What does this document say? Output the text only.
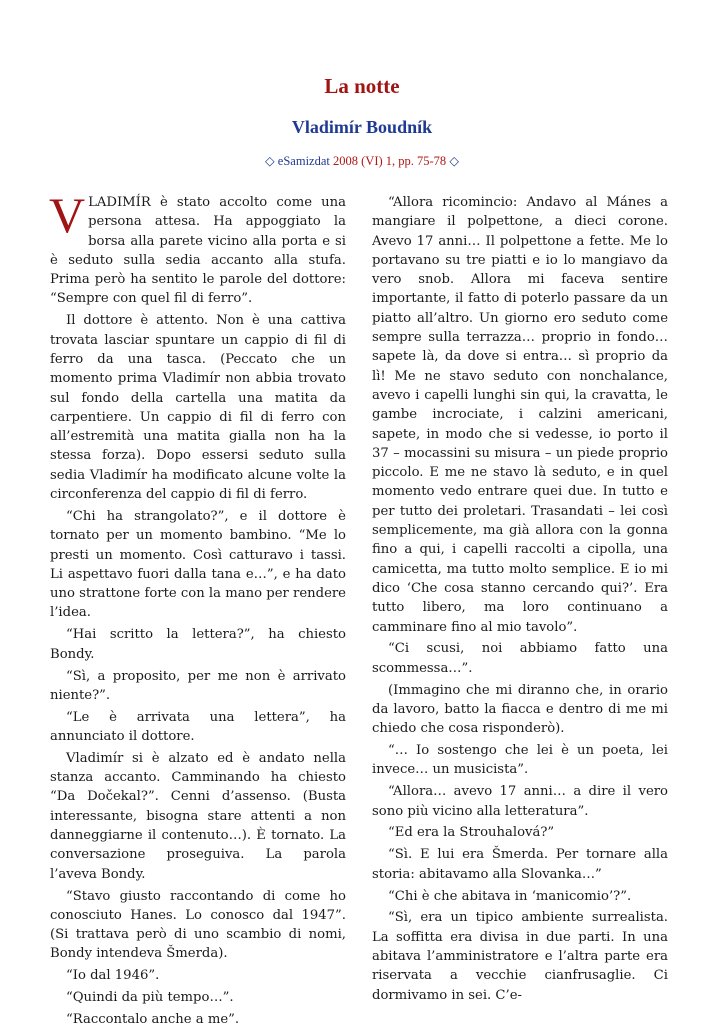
La notte
Vladimír Boudník
◇ eSamizdat 2008 (VI) 1, pp. 75-78 ◇

VLADIMÍR è stato accolto come una persona attesa. Ha appoggiato la borsa alla parete vicino alla porta e si è seduto sulla sedia accanto alla stufa. Prima però ha sentito le parole del dottore: “Sempre con quel fil di ferro”.

Il dottore è attento. Non è una cattiva trovata lasciar spuntare un cappio di fil di ferro da una tasca. (Peccato che un momento prima Vladimír non abbia trovato sul fondo della cartella una matita da carpentiere. Un cappio di fil di ferro con all’estremità una matita gialla non ha la stessa forza). Dopo essersi seduto sulla sedia Vladimír ha modificato alcune volte la circonferenza del cappio di fil di ferro.

“Chi ha strangolato?”, e il dottore è tornato per un momento bambino. “Me lo presti un momento. Così catturavo i tassi. Li aspettavo fuori dalla tana e…”, e ha dato uno strattone forte con la mano per rendere l’idea.

“Hai scritto la lettera?”, ha chiesto Bondy.

“Sì, a proposito, per me non è arrivato niente?”.

“Le è arrivata una lettera”, ha annunciato il dottore.

Vladimír si è alzato ed è andato nella stanza accanto. Camminando ha chiesto “Da Dočekal?”. Cenni d’assenso. (Busta interessante, bisogna stare attenti a non danneggiarne il contenuto…). È tornato. La conversazione proseguiva. La parola l’aveva Bondy.

“Stavo giusto raccontando di come ho conosciuto Hanes. Lo conosco dal 1947”. (Si trattava però di uno scambio di nomi, Bondy intendeva Šmerda).

“Io dal 1946”.

“Quindi da più tempo…”.

“Raccontalo anche a me”.

“Allora ricomincio: Andavo al Mánes a mangiare il polpettone, a dieci corone. Avevo 17 anni… Il polpettone a fette. Me lo portavano su tre piatti e io lo mangiavo da vero snob. Allora mi faceva sentire importante, il fatto di poterlo passare da un piatto all’altro. Un giorno ero seduto come sempre sulla terrazza… proprio in fondo… sapete là, da dove si entra… sì proprio da lì! Me ne stavo seduto con nonchalance, avevo i capelli lunghi sin qui, la cravatta, le gambe incrociate, i calzini americani, sapete, in modo che si vedesse, io porto il 37 – mocassini su misura – un piede proprio piccolo. E me ne stavo là seduto, e in quel momento vedo entrare quei due. In tutto e per tutto dei proletari. Trasandati – lei così semplicemente, ma già allora con la gonna fino a qui, i capelli raccolti a cipolla, una camicetta, ma tutto molto semplice. E io mi dico ‘Che cosa stanno cercando qui?’. Era tutto libero, ma loro continuano a camminare fino al mio tavolo”.

“Ci scusi, noi abbiamo fatto una scommessa…”.

(Immagino che mi diranno che, in orario da lavoro, batto la fiacca e dentro di me mi chiedo che cosa risponderò).

“… Io sostengo che lei è un poeta, lei invece… un musicista”.

“Allora… avevo 17 anni… a dire il vero sono più vicino alla letteratura”.

“Ed era la Strouhalová?”

“Sì. E lui era Šmerda. Per tornare alla storia: abitavamo alla Slovanka…”

“Chi è che abitava in ‘manicomio’?”.

“Sì, era un tipico ambiente surrealista. La soffitta era divisa in due parti. In una abitava l’amministratore e l’altra parte era riservata a vecchie cianfrusaglie. Ci dormivamo in sei. C’e-
